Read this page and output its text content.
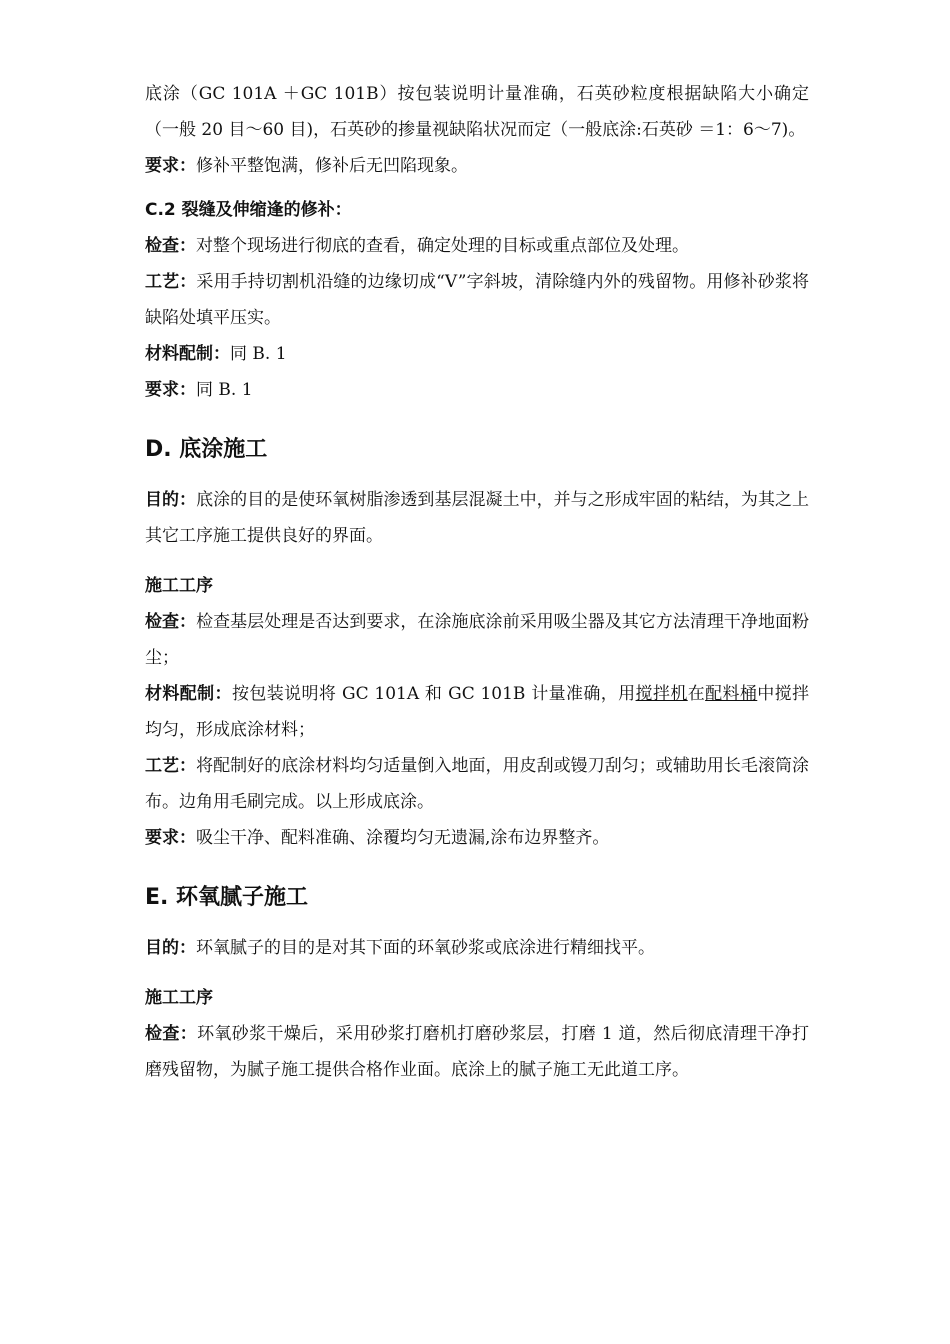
底涂（GC 101A ＋GC 101B）按包装说明计量准确，石英砂粒度根据缺陷大小确定（一般 20 目～60 目)，石英砂的掺量视缺陷状况而定（一般底涂:石英砂 ＝1：6～7)。

要求：修补平整饱满，修补后无凹陷现象。

C.2 裂缝及伸缩逢的修补：

检查：对整个现场进行彻底的查看，确定处理的目标或重点部位及处理。

工艺：采用手持切割机沿缝的边缘切成“V”字斜坡，清除缝内外的残留物。用修补砂浆将缺陷处填平压实。

材料配制：同 B. 1

要求：同 B. 1

D. 底涂施工

目的：底涂的目的是使环氧树脂渗透到基层混凝土中，并与之形成牢固的粘结，为其之上其它工序施工提供良好的界面。

施工工序

检查：检查基层处理是否达到要求，在涂施底涂前采用吸尘器及其它方法清理干净地面粉尘；

材料配制：按包装说明将 GC 101A 和 GC 101B 计量准确，用搅拌机在配料桶中搅拌均匀，形成底涂材料；

工艺：将配制好的底涂材料均匀适量倒入地面，用皮刮或镘刀刮匀；或辅助用长毛滚筒涂布。边角用毛刷完成。以上形成底涂。

要求：吸尘干净、配料准确、涂覆均匀无遗漏,涂布边界整齐。

E. 环氧腻子施工

目的：环氧腻子的目的是对其下面的环氧砂浆或底涂进行精细找平。

施工工序

检查：环氧砂浆干燥后，采用砂浆打磨机打磨砂浆层，打磨 1 道，然后彻底清理干净打磨残留物，为腻子施工提供合格作业面。底涂上的腻子施工无此道工序。
